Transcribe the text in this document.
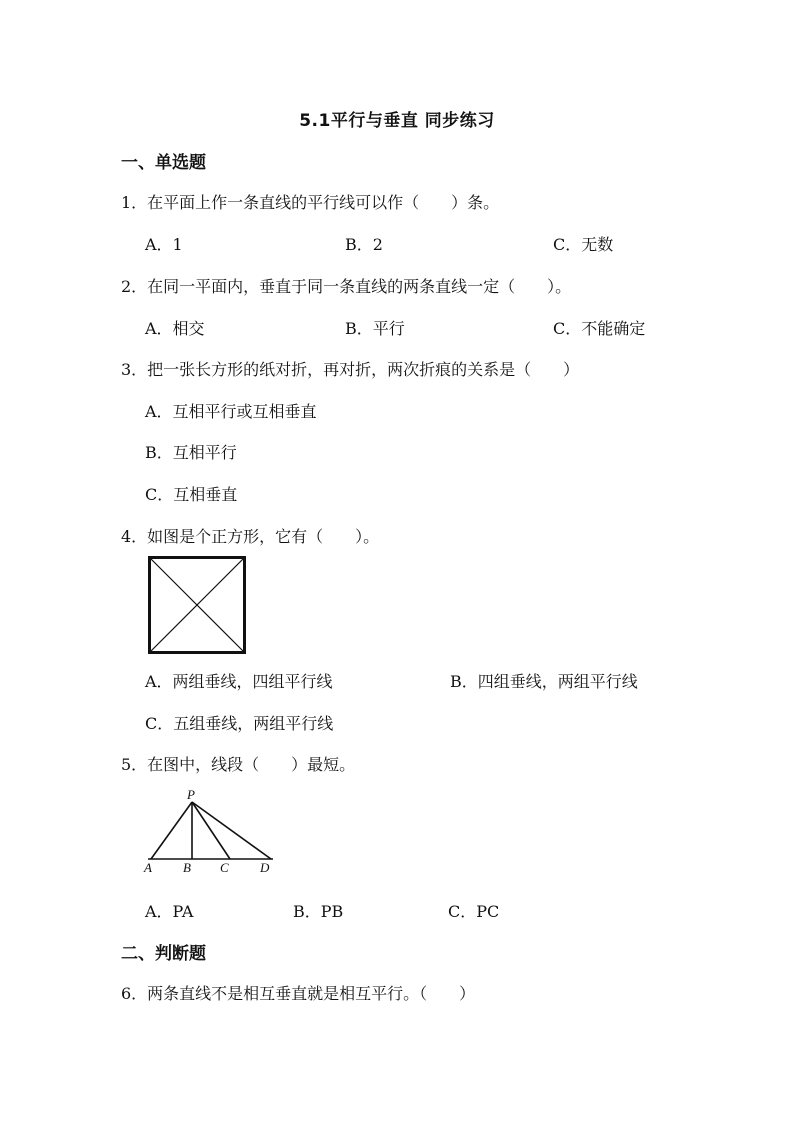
5.1平行与垂直 同步练习
一、单选题
1．在平面上作一条直线的平行线可以作（　　）条。
A．1	B．2	C．无数
2．在同一平面内，垂直于同一条直线的两条直线一定（　　）。
A．相交	B．平行	C．不能确定
3．把一张长方形的纸对折，再对折，两次折痕的关系是（　　）
A．互相平行或互相垂直
B．互相平行
C．互相垂直
4．如图是个正方形，它有（　　）。
A．两组垂线，四组平行线	B．四组垂线，两组平行线
C．五组垂线，两组平行线
5．在图中，线段（　　）最短。
P
A B C D
A．PA	B．PB	C．PC
二、判断题
6．两条直线不是相互垂直就是相互平行。（　　）
